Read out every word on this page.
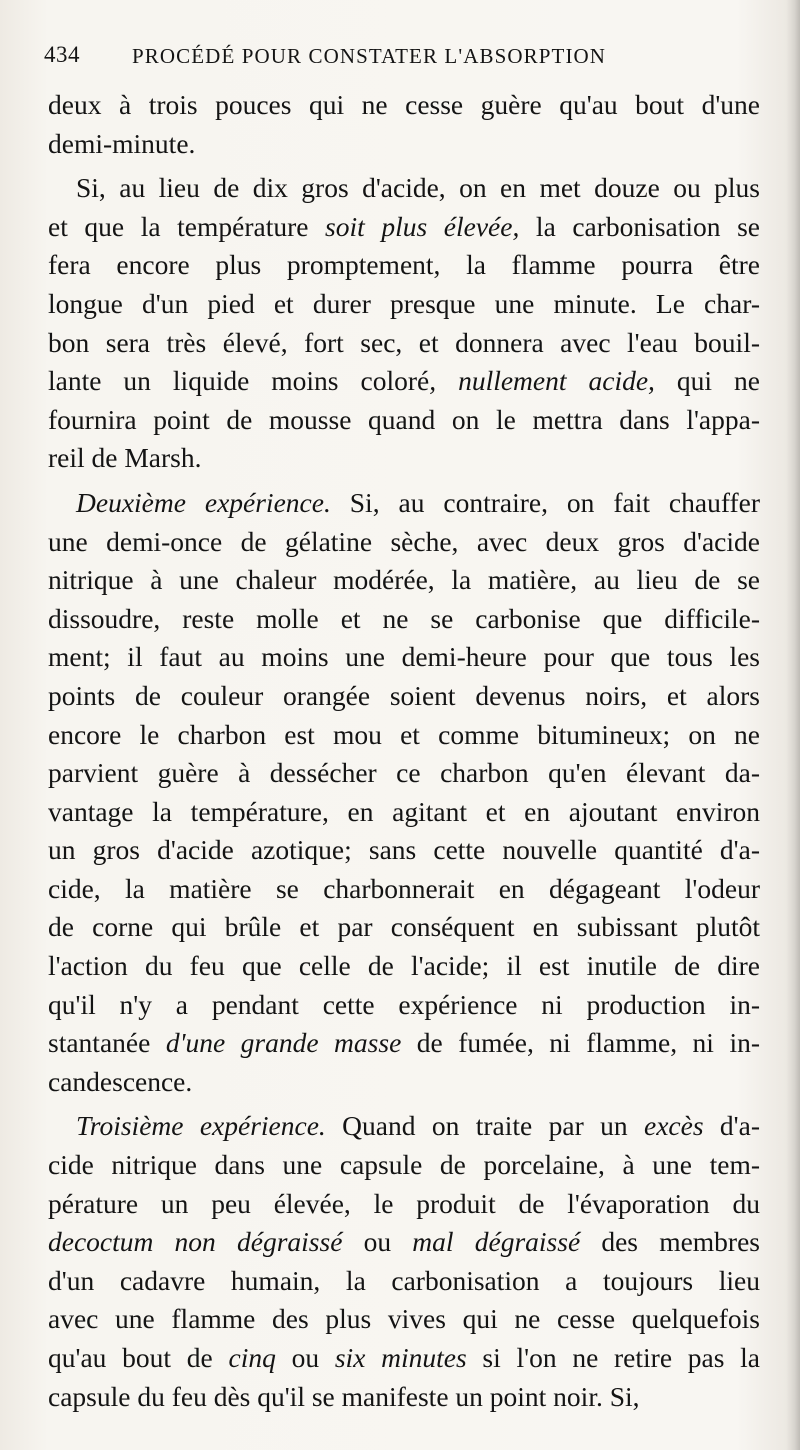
434 PROCÉDÉ POUR CONSTATER L'ABSORPTION
deux à trois pouces qui ne cesse guère qu'au bout d'une
demi-minute.
Si, au lieu de dix gros d'acide, on en met douze ou plus
et que la température soit plus élevée, la carbonisation se
fera encore plus promptement, la flamme pourra être
longue d'un pied et durer presque une minute. Le char-
bon sera très élevé, fort sec, et donnera avec l'eau bouil-
lante un liquide moins coloré, nullement acide, qui ne
fournira point de mousse quand on le mettra dans l'appa-
reil de Marsh.
Deuxième expérience. Si, au contraire, on fait chauffer
une demi-once de gélatine sèche, avec deux gros d'acide
nitrique à une chaleur modérée, la matière, au lieu de se
dissoudre, reste molle et ne se carbonise que difficile-
ment; il faut au moins une demi-heure pour que tous les
points de couleur orangée soient devenus noirs, et alors
encore le charbon est mou et comme bitumineux; on ne
parvient guère à dessécher ce charbon qu'en élevant da-
vantage la température, en agitant et en ajoutant environ
un gros d'acide azotique; sans cette nouvelle quantité d'a-
cide, la matière se charbonnerait en dégageant l'odeur
de corne qui brûle et par conséquent en subissant plutôt
l'action du feu que celle de l'acide; il est inutile de dire
qu'il n'y a pendant cette expérience ni production in-
stantanée d'une grande masse de fumée, ni flamme, ni in-
candescence.
Troisième expérience. Quand on traite par un excès d'a-
cide nitrique dans une capsule de porcelaine, à une tem-
pérature un peu élevée, le produit de l'évaporation du
decoctum non dégraissé ou mal dégraissé des membres
d'un cadavre humain, la carbonisation a toujours lieu
avec une flamme des plus vives qui ne cesse quelquefois
qu'au bout de cinq ou six minutes si l'on ne retire pas la
capsule du feu dès qu'il se manifeste un point noir. Si,
